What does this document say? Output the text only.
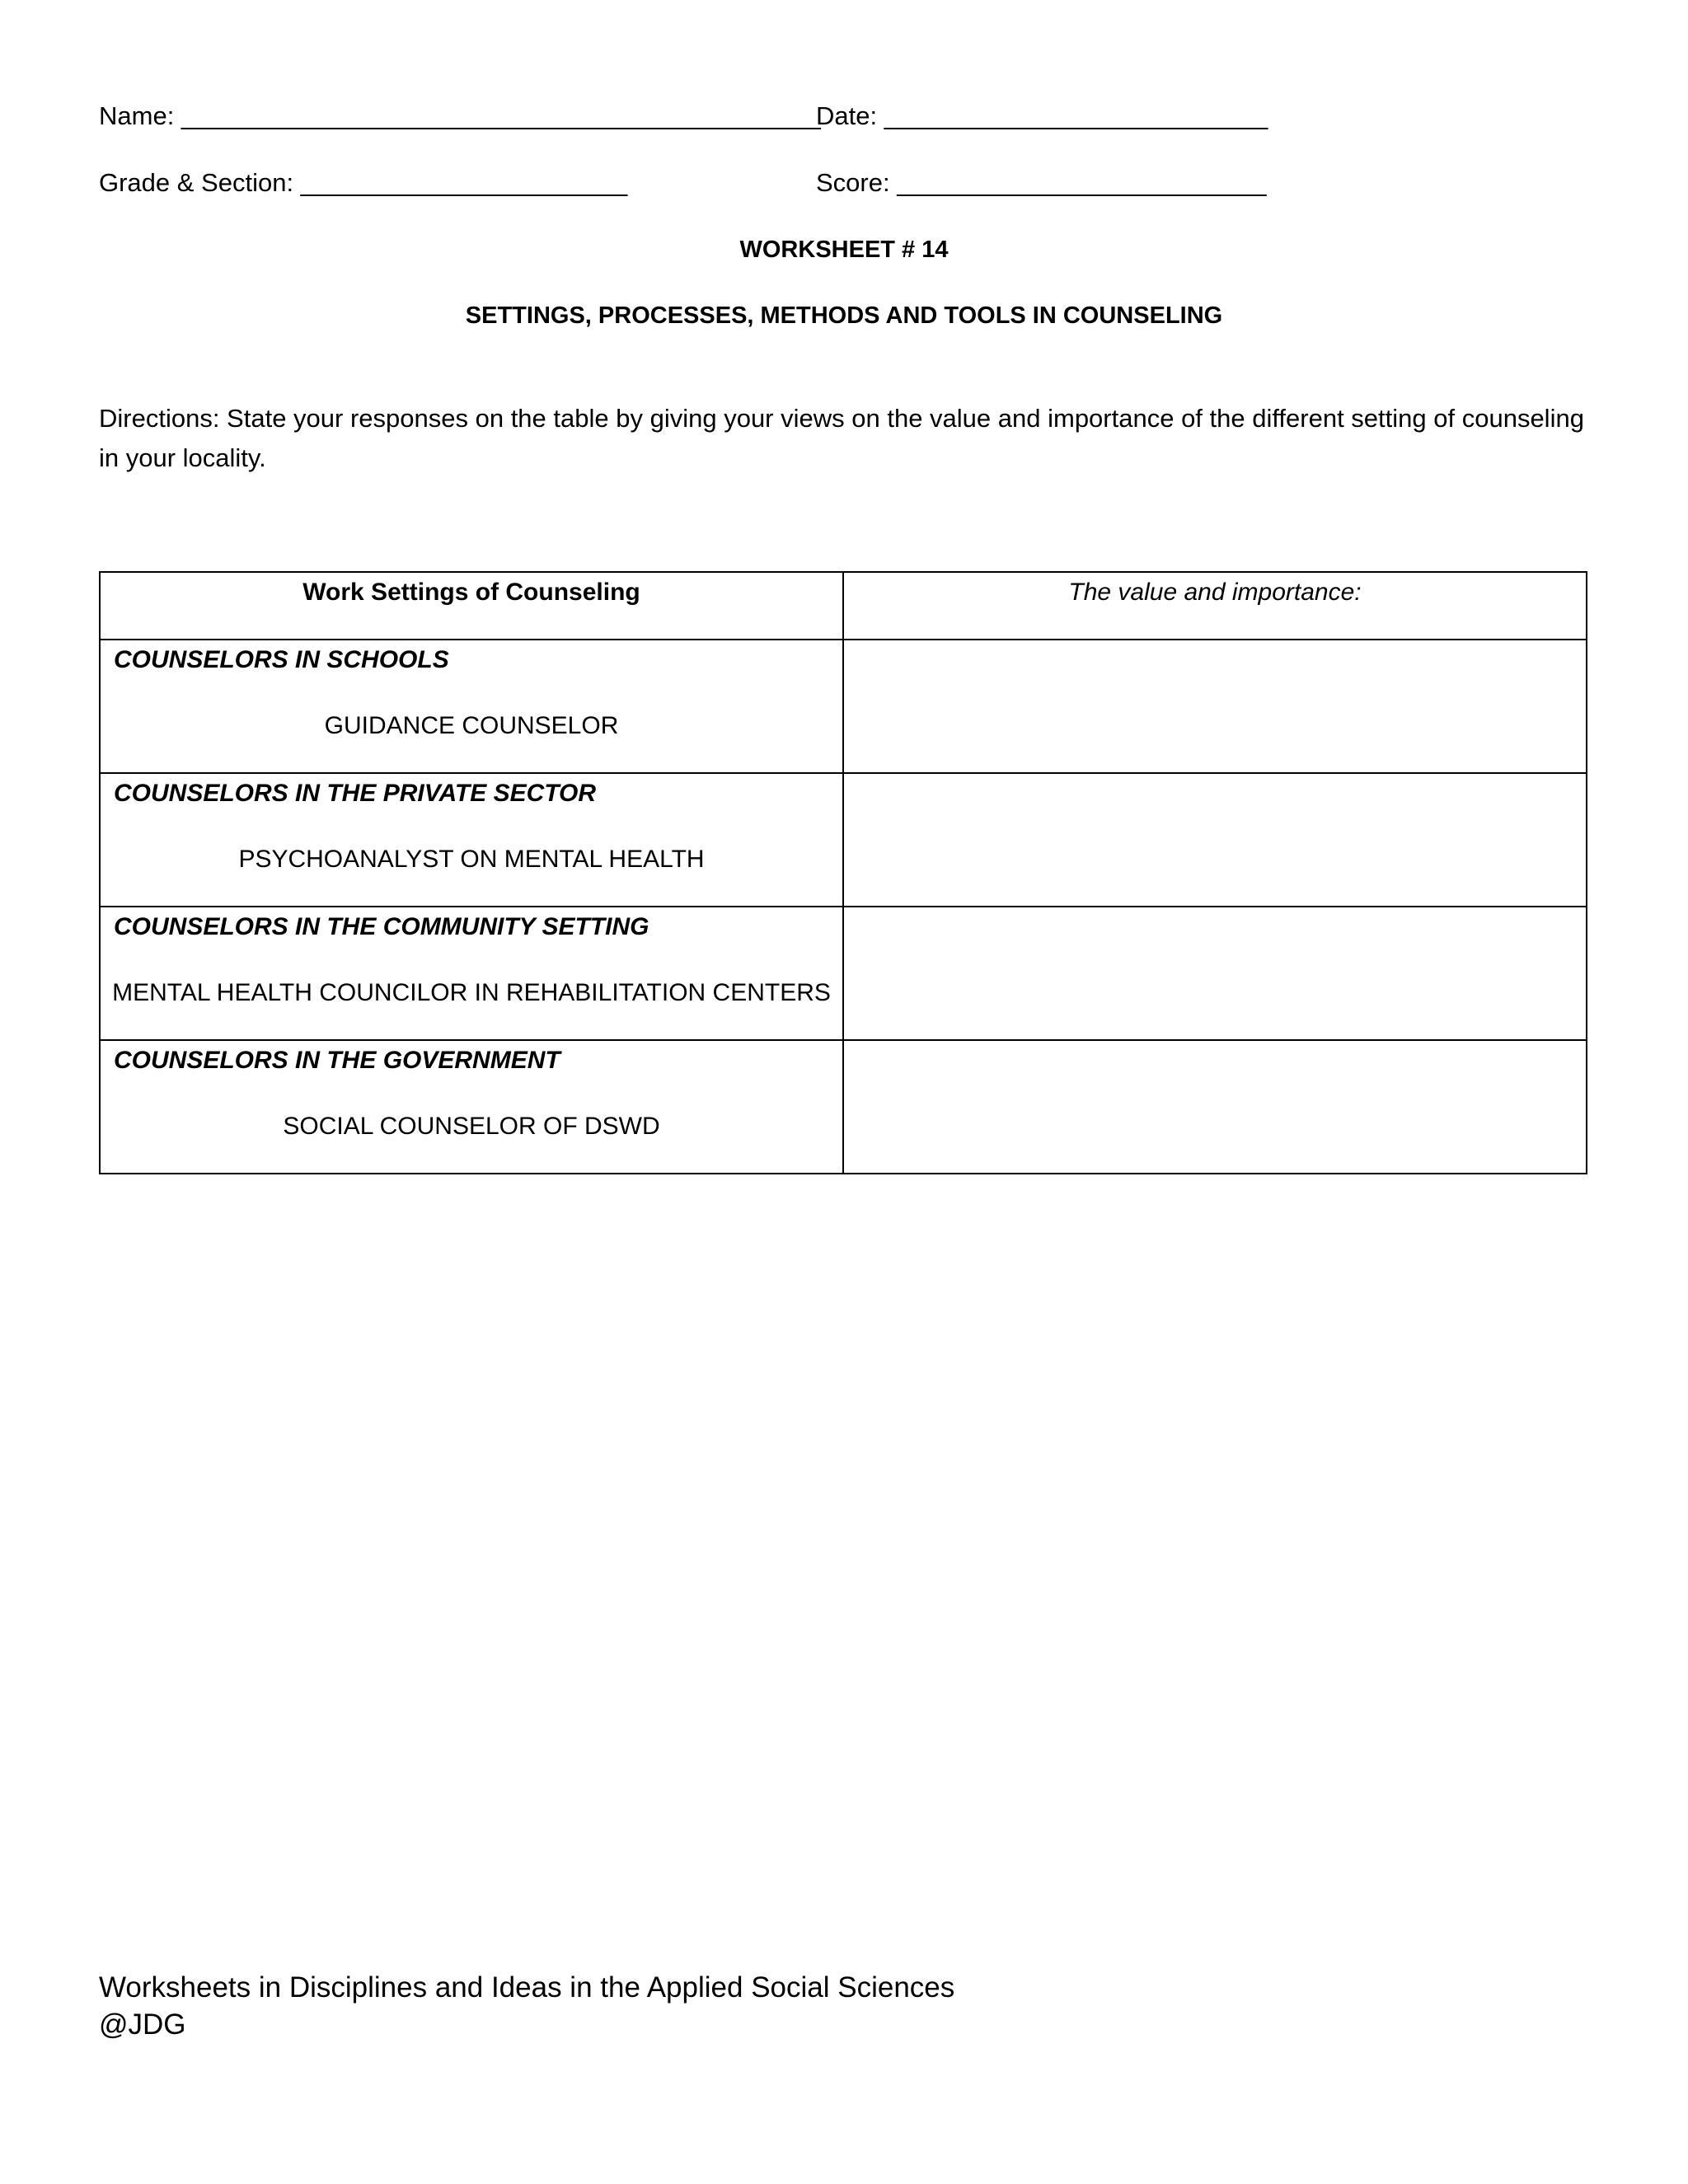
Name: _____________________________________________
Date: ___________________________
Grade & Section: _______________________	Score: __________________________
WORKSHEET # 14
SETTINGS, PROCESSES, METHODS AND TOOLS IN COUNSELING
Directions: State your responses on the table by giving your views on the value and importance of the different setting of counseling in your locality.
Work Settings of Counseling	The value and importance:

COUNSELORS IN SCHOOLS
GUIDANCE COUNSELOR	

COUNSELORS IN THE PRIVATE SECTOR
PSYCHOANALYST ON MENTAL HEALTH	

COUNSELORS IN THE COMMUNITY SETTING
MENTAL HEALTH COUNCILOR IN REHABILITATION CENTERS	

COUNSELORS IN THE GOVERNMENT
SOCIAL COUNSELOR OF DSWD	

Worksheets in Disciplines and Ideas in the Applied Social Sciences
@JDG
